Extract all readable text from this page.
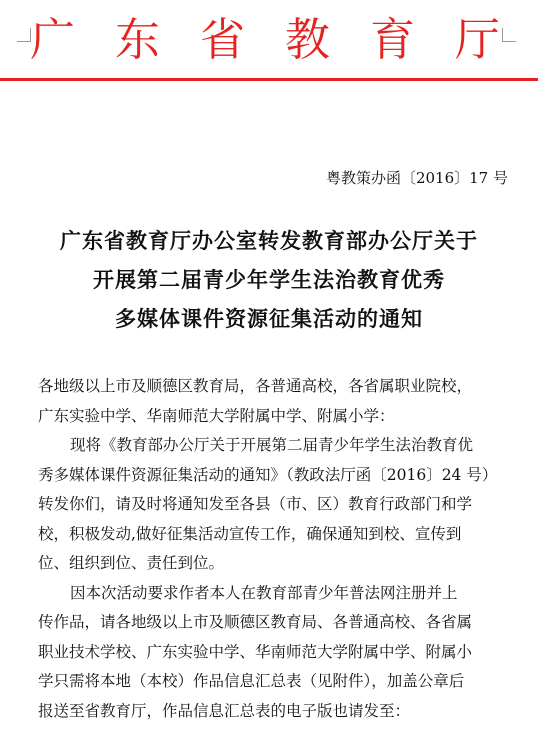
广 东 省 教 育 厅
粤教策办函〔2016〕17 号
广东省教育厅办公室转发教育部办公厅关于
开展第二届青少年学生法治教育优秀
多媒体课件资源征集活动的通知

各地级以上市及顺德区教育局，各普通高校，各省属职业院校，

广东实验中学、华南师范大学附属中学、附属小学：

现将《教育部办公厅关于开展第二届青少年学生法治教育优

秀多媒体课件资源征集活动的通知》（教政法厅函〔2016〕24 号）

转发你们，请及时将通知发至各县（市、区）教育行政部门和学

校，积极发动,做好征集活动宣传工作，确保通知到校、宣传到

位、组织到位、责任到位。

因本次活动要求作者本人在教育部青少年普法网注册并上

传作品，请各地级以上市及顺德区教育局、各普通高校、各省属

职业技术学校、广东实验中学、华南师范大学附属中学、附属小

学只需将本地（本校）作品信息汇总表（见附件），加盖公章后

报送至省教育厅，作品信息汇总表的电子版也请发至：
